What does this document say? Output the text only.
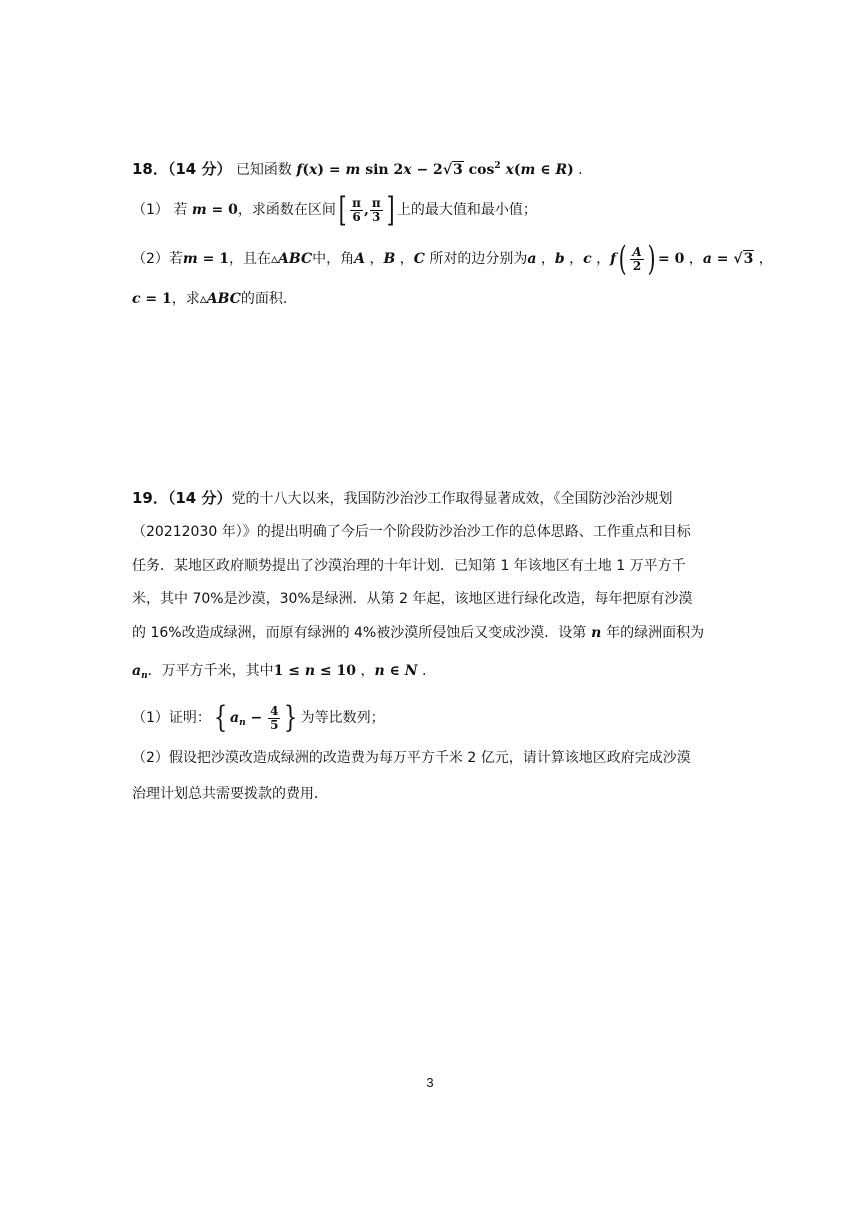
18．（14 分） 已知函数 f(x) = m sin 2x − 2√3 $\cos^2 x(m$ ∈ R) .
（1） 若 m = 0，求函数在区间[ $\frac{\pi}{6}$ , $\frac{\pi}{3}$ ] 上的最大值和最小值；
（2）若m = 1，且在▵ABC中，角A ，B ，C 所对的边分别为a ，b ，c ，$f( \frac{A}{2}$ ) = 0 ，a = √3 ，
c = 1，求▵ABC的面积.
19．（14 分）党的十八大以来，我国防沙治沙工作取得显著成效，《全国防沙治沙规划
（20212030 年）》的提出明确了今后一个阶段防沙治沙工作的总体思路、工作重点和目标
任务．某地区政府顺势提出了沙漠治理的十年计划．已知第 1 年该地区有土地 1 万平方千
米，其中 70%是沙漠，30%是绿洲．从第 2 年起，该地区进行绿化改造，每年把原有沙漠
的 16%改造成绿洲，而原有绿洲的 4%被沙漠所侵蚀后又变成沙漠．设第 n 年的绿洲面积为
$a_n$．万平方千米，其中1 ≤ n ≤ 10 ，n ∈ N .
（1）证明：{ $a_n - \frac{4}{5}$ } 为等比数列；
（2）假设把沙漠改造成绿洲的改造费为每万平方千米 2 亿元，请计算该地区政府完成沙漠
治理计划总共需要拨款的费用．
3
